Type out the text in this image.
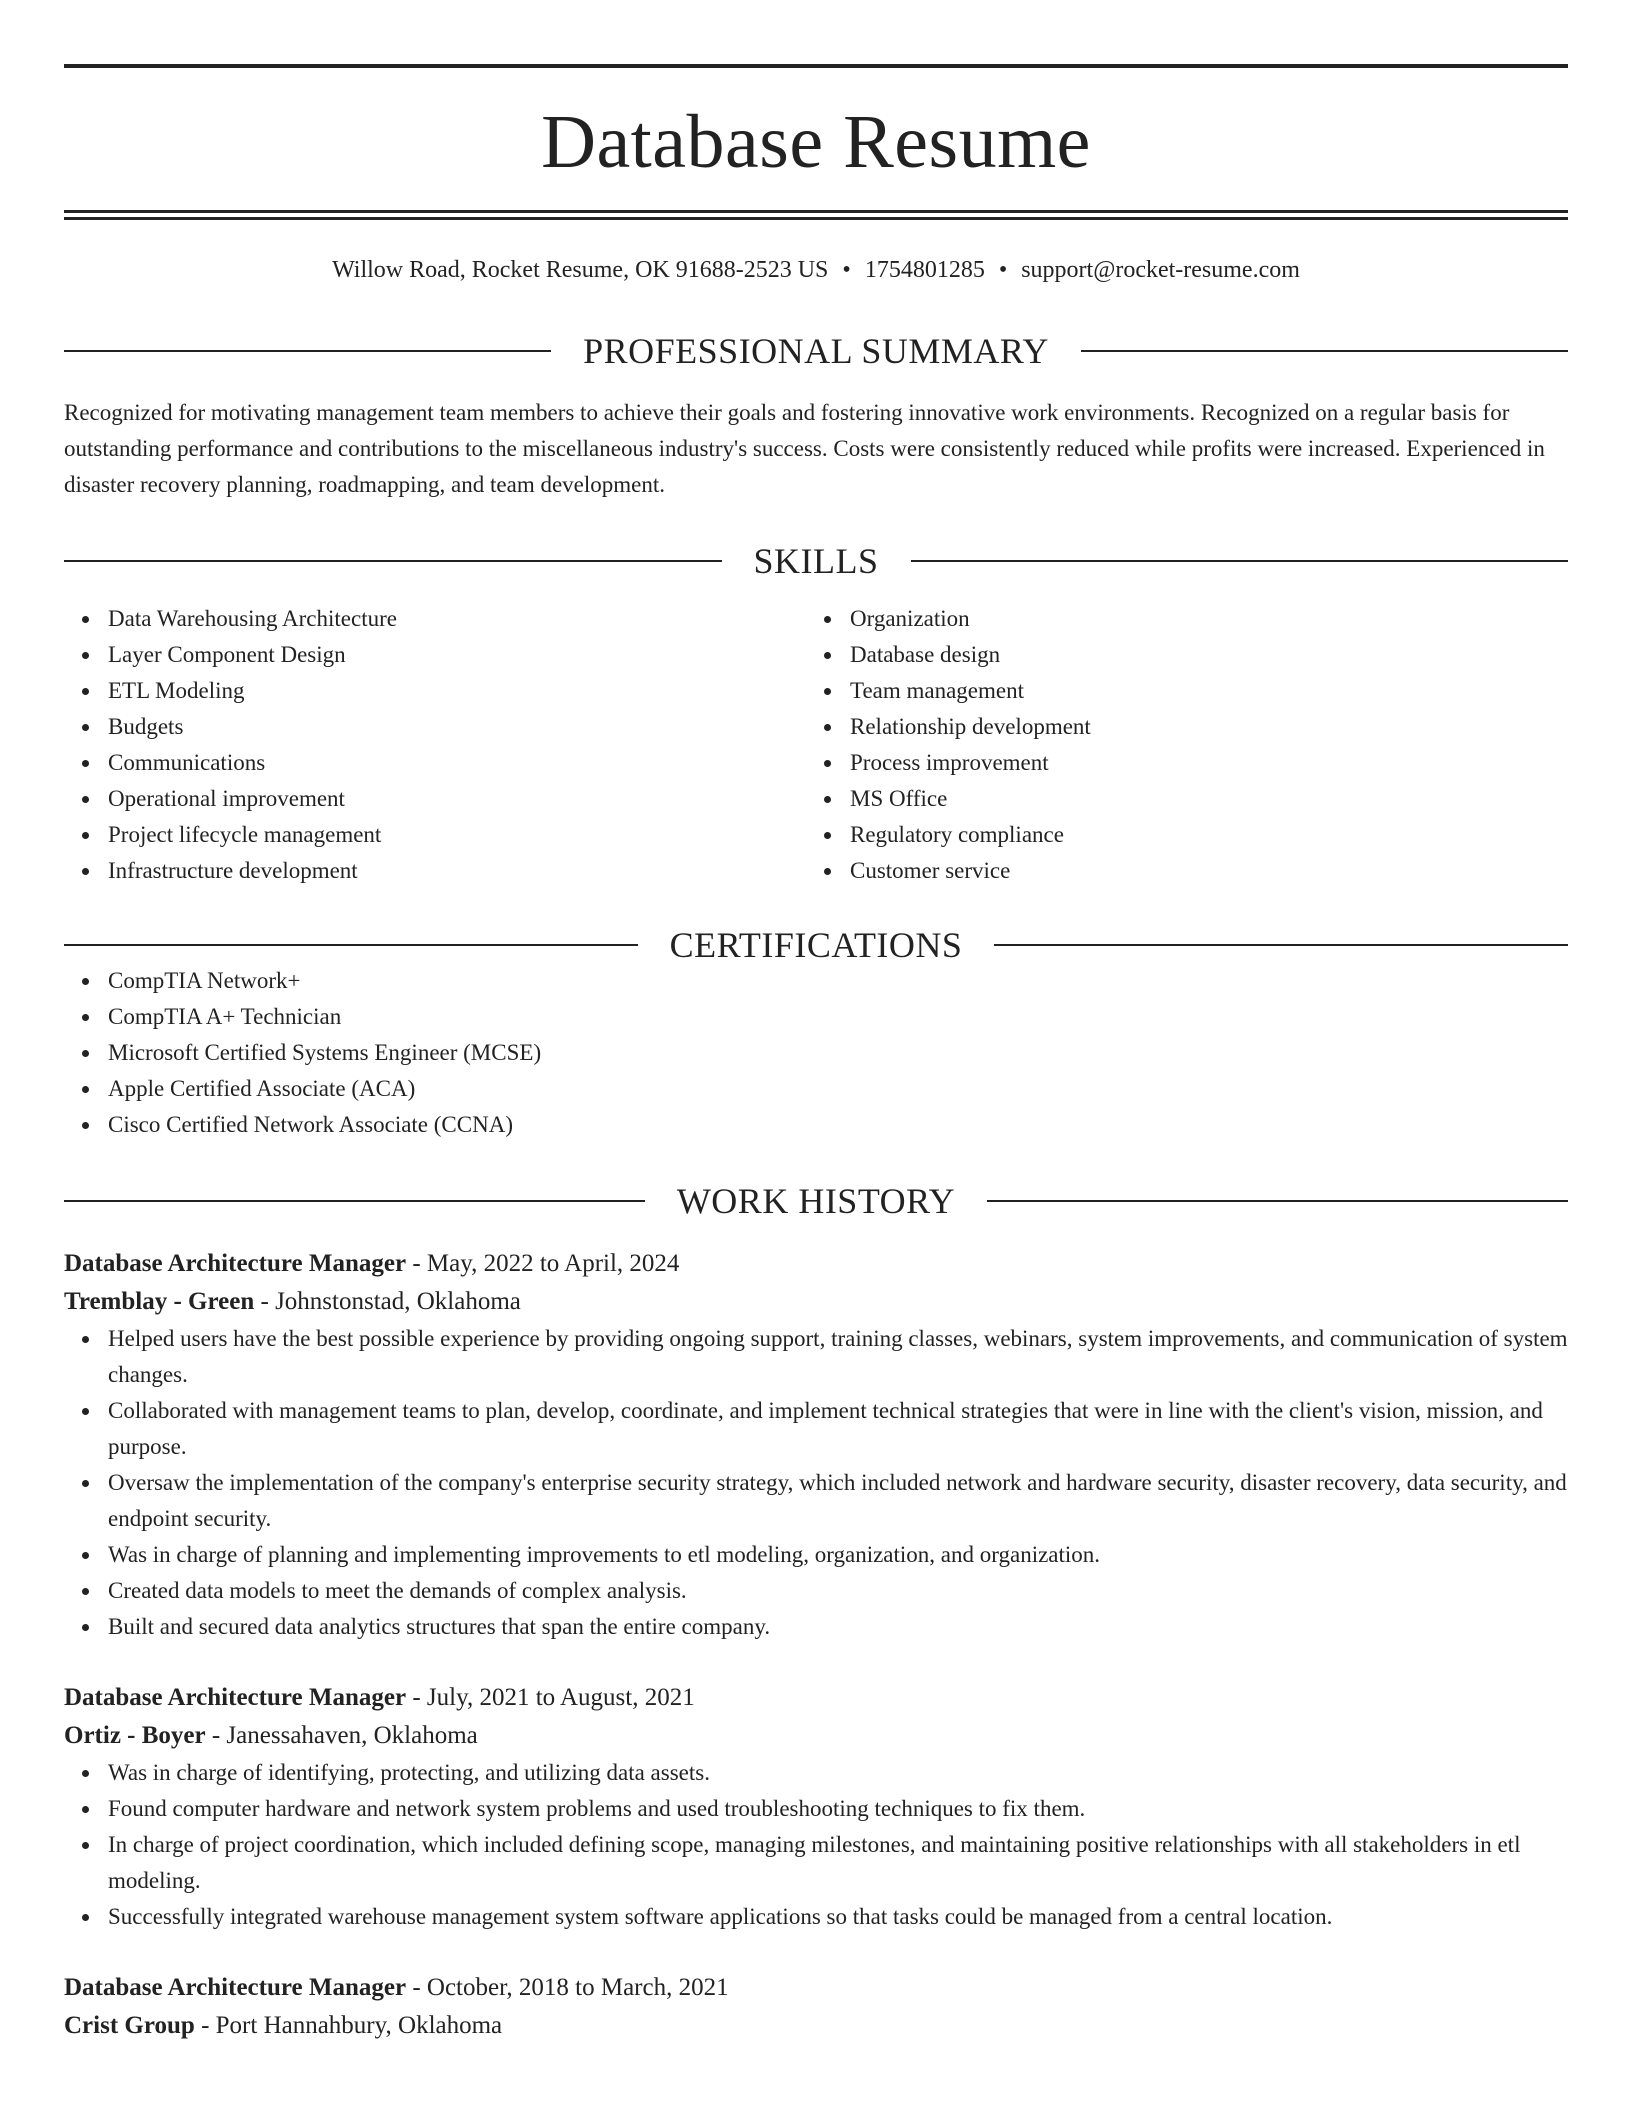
Database Resume
Willow Road, Rocket Resume, OK 91688-2523 US • 1754801285 • support@rocket-resume.com
PROFESSIONAL SUMMARY

Recognized for motivating management team members to achieve their goals and fostering innovative work environments. Recognized on a regular basis for outstanding performance and contributions to the miscellaneous industry's success. Costs were consistently reduced while profits were increased. Experienced in disaster recovery planning, roadmapping, and team development.

SKILLS
Data Warehousing Architecture
Layer Component Design
ETL Modeling
Budgets
Communications
Operational improvement
Project lifecycle management
Infrastructure development
Organization
Database design
Team management
Relationship development
Process improvement
MS Office
Regulatory compliance
Customer service
CERTIFICATIONS
CompTIA Network+
CompTIA A+ Technician
Microsoft Certified Systems Engineer (MCSE)
Apple Certified Associate (ACA)
Cisco Certified Network Associate (CCNA)
WORK HISTORY
Database Architecture Manager - May, 2022 to April, 2024
Tremblay - Green - Johnstonstad, Oklahoma
Helped users have the best possible experience by providing ongoing support, training classes, webinars, system improvements, and communication of system changes.
Collaborated with management teams to plan, develop, coordinate, and implement technical strategies that were in line with the client's vision, mission, and purpose.
Oversaw the implementation of the company's enterprise security strategy, which included network and hardware security, disaster recovery, data security, and endpoint security.
Was in charge of planning and implementing improvements to etl modeling, organization, and organization.
Created data models to meet the demands of complex analysis.
Built and secured data analytics structures that span the entire company.
Database Architecture Manager - July, 2021 to August, 2021
Ortiz - Boyer - Janessahaven, Oklahoma
Was in charge of identifying, protecting, and utilizing data assets.
Found computer hardware and network system problems and used troubleshooting techniques to fix them.
In charge of project coordination, which included defining scope, managing milestones, and maintaining positive relationships with all stakeholders in etl modeling.
Successfully integrated warehouse management system software applications so that tasks could be managed from a central location.
Database Architecture Manager - October, 2018 to March, 2021
Crist Group - Port Hannahbury, Oklahoma
